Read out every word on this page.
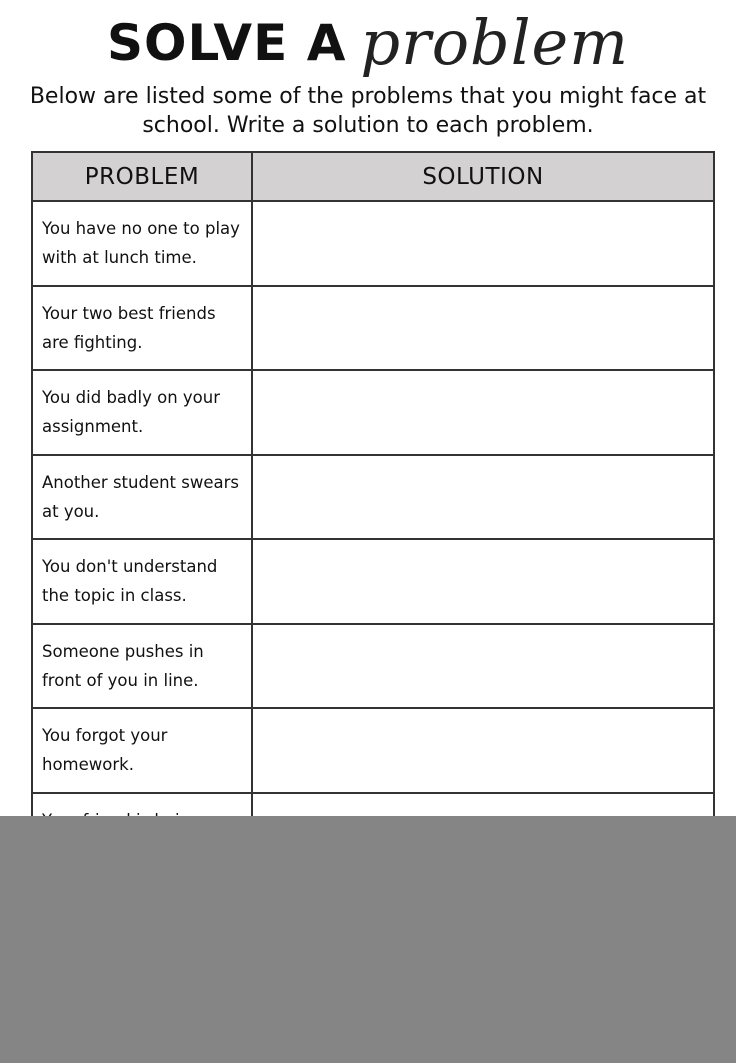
SOLVE A problem
Below are listed some of the problems that you might face at school. Write a solution to each problem.
PROBLEM	SOLUTION
You have no one to play with at lunch time.	
Your two best friends are fighting.	
You did badly on your assignment.	
Another student swears at you.	
You don't understand the topic in class.	
Someone pushes in front of you in line.	
You forgot your homework.	
